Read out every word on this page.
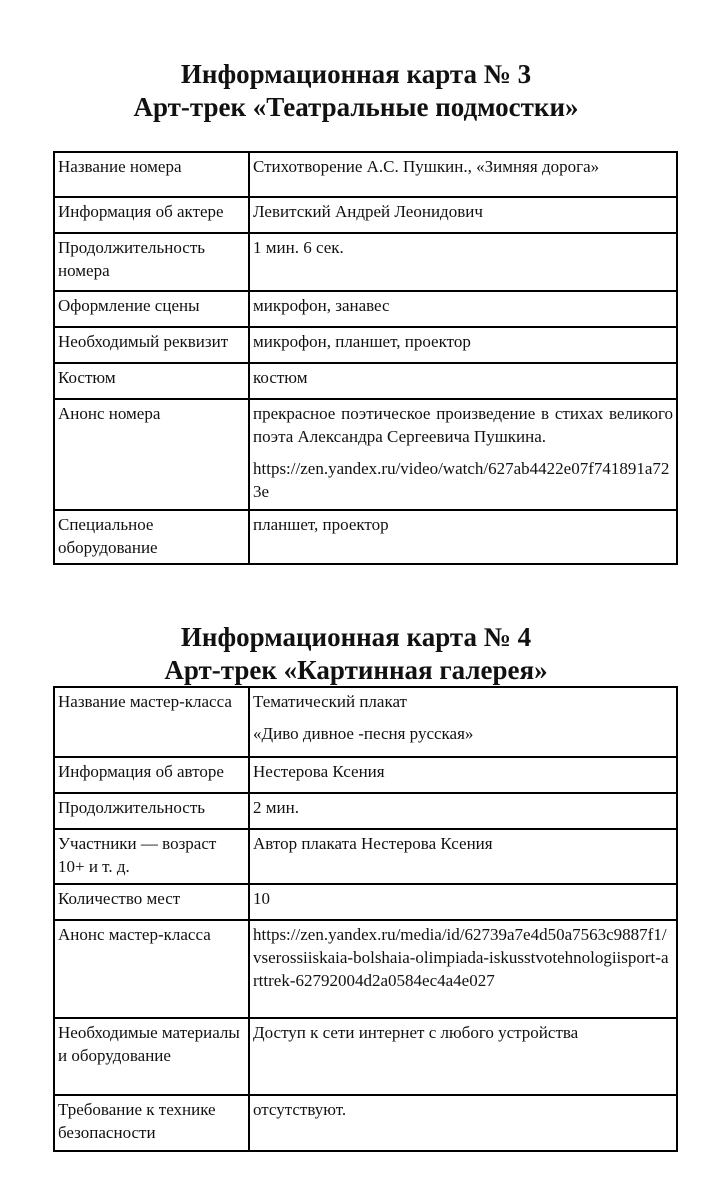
Информационная карта № 3
Арт-трек «Театральные подмостки»
Название номера	Стихотворение А.С. Пушкин., «Зимняя дорога»
Информация об актере	Левитский Андрей Леонидович
Продолжительность номера	1 мин. 6 сек.
Оформление сцены	микрофон, занавес
Необходимый реквизит	микрофон, планшет, проектор
Костюм	костюм
Анонс номера	прекрасное поэтическое произведение в стихах великого поэта Александра Сергеевича Пушкина.

https://zen.yandex.ru/video/watch/627ab4422e07f741891a723e

Специальное оборудование	планшет, проектор
Информационная карта № 4
Арт-трек «Картинная галерея»
Название мастер-класса	Тематический плакат

«Диво дивное -песня русская»

Информация об авторе	Нестерова Ксения
Продолжительность	2 мин.
Участники — возраст 10+ и т. д.	Автор плаката Нестерова Ксения
Количество мест	10
Анонс мастер-класса	https://zen.yandex.ru/media/id/62739a7e4d50a7563c9887f1/vserossiiskaia-bolshaia-olimpiada-iskusstvotehnologiisport-arttrek-62792004d2a0584ec4a4e027
Необходимые материалы и оборудование	Доступ к сети интернет с любого устройства
Требование к технике безопасности	отсутствуют.
